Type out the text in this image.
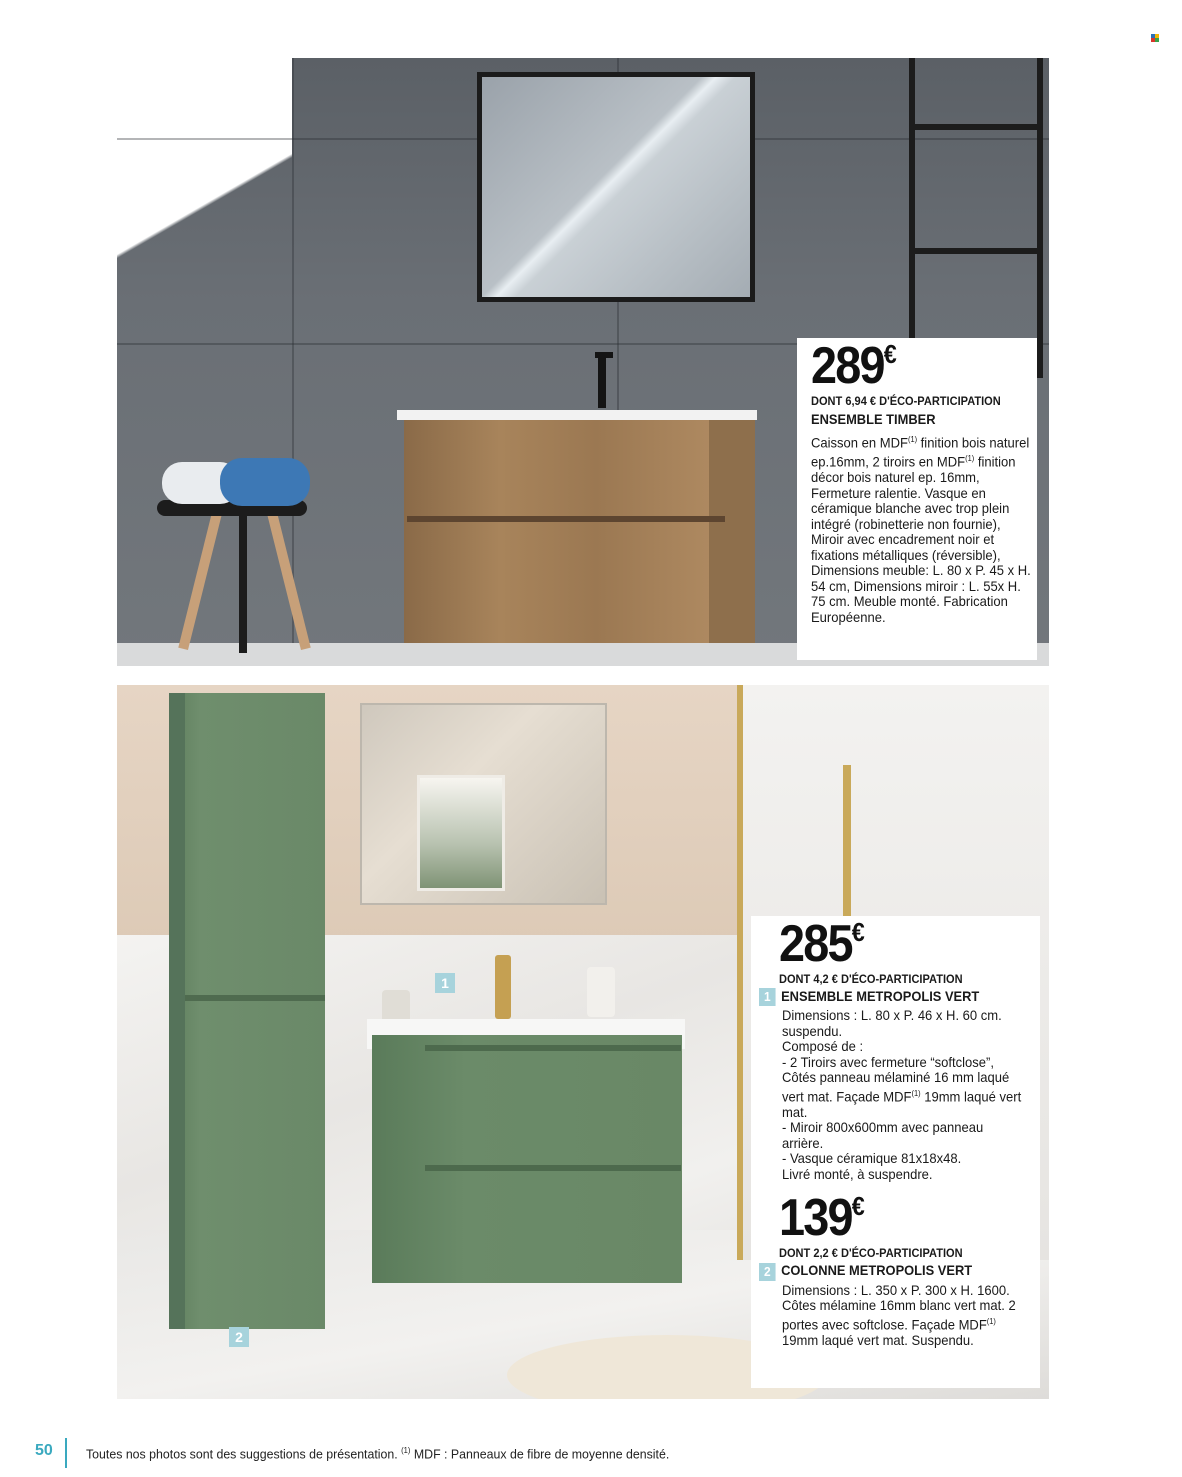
289€
DONT 6,94 € D'ÉCO-PARTICIPATION
ENSEMBLE TIMBER
Caisson en MDF$^{(1)}$ finition bois naturel ep.16mm, 2 tiroirs en MDF$^{(1)}$ finition décor bois naturel ep. 16mm, Fermeture ralentie. Vasque en céramique blanche avec trop plein intégré (robinetterie non fournie), Miroir avec encadrement noir et fixations métalliques (réversible), Dimensions meuble: L. 80 x P. 45 x H. 54 cm, Dimensions miroir : L. 55x H. 75 cm. Meuble monté. Fabrication Européenne.
1
2
285€
DONT 4,2 € D'ÉCO-PARTICIPATION
1 ENSEMBLE METROPOLIS VERT
Dimensions : L. 80 x P. 46 x H. 60 cm. suspendu.
Composé de :
- 2 Tiroirs avec fermeture “softclose”, Côtés panneau mélaminé 16 mm laqué vert mat. Façade MDF$^{(1)}$ 19mm laqué vert mat.
- Miroir 800x600mm avec panneau arrière.
- Vasque céramique 81x18x48.
Livré monté, à suspendre.
139€
DONT 2,2 € D'ÉCO-PARTICIPATION
2 COLONNE METROPOLIS VERT
Dimensions : L. 350 x P. 300 x H. 1600. Côtes mélamine 16mm blanc vert mat. 2 portes avec softclose. Façade MDF$^{(1)}$ 19mm laqué vert mat. Suspendu.
50	Toutes nos photos sont des suggestions de présentation. $^{(1)}$ MDF : Panneaux de fibre de moyenne densité.
